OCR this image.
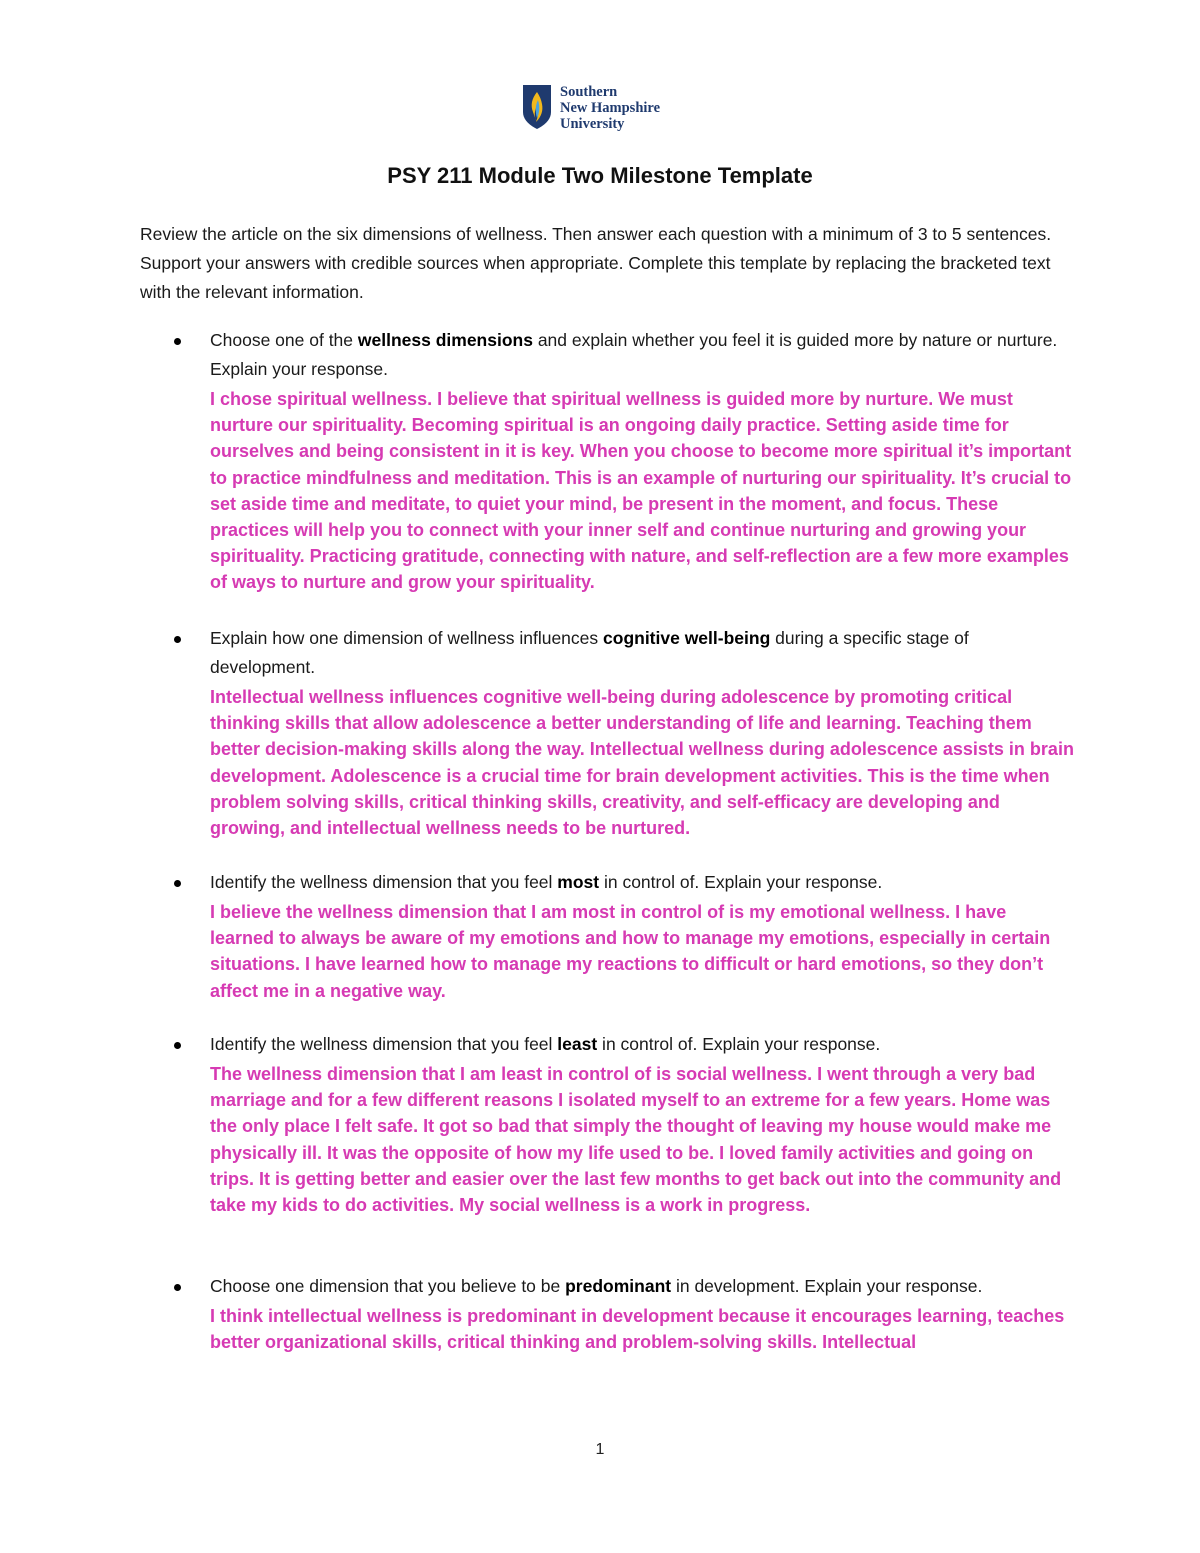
Southern
New Hampshire
University
PSY 211 Module Two Milestone Template
Review the article on the six dimensions of wellness. Then answer each question with a minimum of 3 to 5 sentences. Support your answers with credible sources when appropriate. Complete this template by replacing the bracketed text with the relevant information.
Choose one of the wellness dimensions and explain whether you feel it is guided more by nature or nurture. Explain your response.
I chose spiritual wellness. I believe that spiritual wellness is guided more by nurture. We must nurture our spirituality. Becoming spiritual is an ongoing daily practice. Setting aside time for ourselves and being consistent in it is key. When you choose to become more spiritual it’s important to practice mindfulness and meditation. This is an example of nurturing our spirituality. It’s crucial to set aside time and meditate, to quiet your mind, be present in the moment, and focus. These practices will help you to connect with your inner self and continue nurturing and growing your spirituality. Practicing gratitude, connecting with nature, and self-reflection are a few more examples of ways to nurture and grow your spirituality.
Explain how one dimension of wellness influences cognitive well-being during a specific stage of development.
Intellectual wellness influences cognitive well-being during adolescence by promoting critical thinking skills that allow adolescence a better understanding of life and learning. Teaching them better decision-making skills along the way. Intellectual wellness during adolescence assists in brain development. Adolescence is a crucial time for brain development activities. This is the time when problem solving skills, critical thinking skills, creativity, and self-efficacy are developing and growing, and intellectual wellness needs to be nurtured.
Identify the wellness dimension that you feel most in control of. Explain your response.
I believe the wellness dimension that I am most in control of is my emotional wellness. I have learned to always be aware of my emotions and how to manage my emotions, especially in certain situations. I have learned how to manage my reactions to difficult or hard emotions, so they don’t affect me in a negative way.
Identify the wellness dimension that you feel least in control of. Explain your response.
The wellness dimension that I am least in control of is social wellness. I went through a very bad marriage and for a few different reasons I isolated myself to an extreme for a few years. Home was the only place I felt safe. It got so bad that simply the thought of leaving my house would make me physically ill. It was the opposite of how my life used to be. I loved family activities and going on trips. It is getting better and easier over the last few months to get back out into the community and take my kids to do activities. My social wellness is a work in progress.
Choose one dimension that you believe to be predominant in development. Explain your response.
I think intellectual wellness is predominant in development because it encourages learning, teaches better organizational skills, critical thinking and problem-solving skills. Intellectual
1
